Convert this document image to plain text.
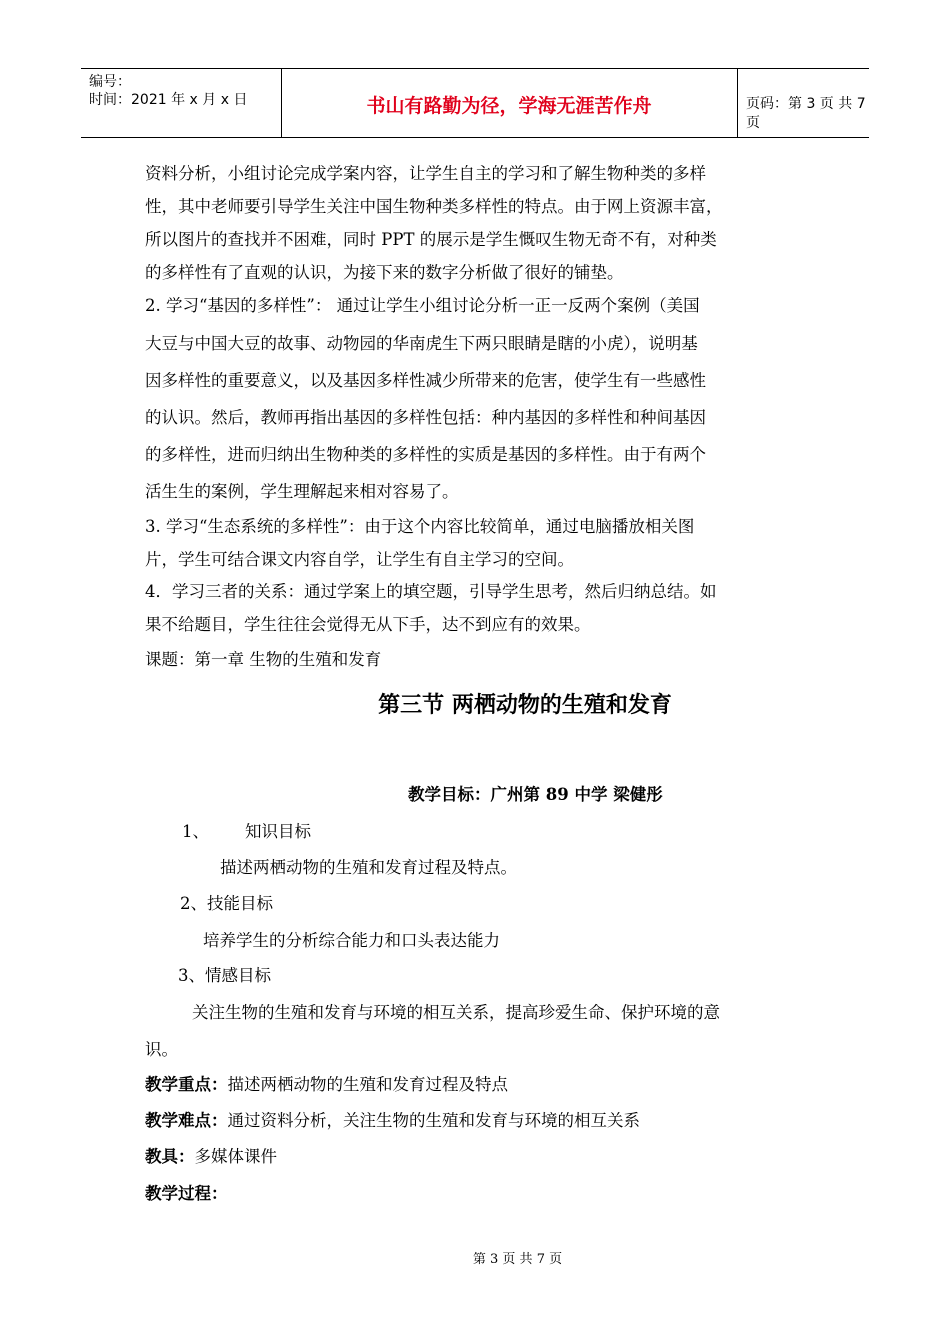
编号：
时间：2021 年 x 月 x 日	书山有路勤为径，学海无涯苦作舟	页码：第 3 页 共 7 页
资料分析，小组讨论完成学案内容，让学生自主的学习和了解生物种类的多样
性，其中老师要引导学生关注中国生物种类多样性的特点。由于网上资源丰富，
所以图片的查找并不困难，同时 PPT 的展示是学生慨叹生物无奇不有，对种类
的多样性有了直观的认识，为接下来的数字分析做了很好的铺垫。
2. 学习“基因的多样性”： 通过让学生小组讨论分析一正一反两个案例（美国
大豆与中国大豆的故事、动物园的华南虎生下两只眼睛是瞎的小虎），说明基
因多样性的重要意义，以及基因多样性减少所带来的危害，使学生有一些感性
的认识。然后，教师再指出基因的多样性包括：种内基因的多样性和种间基因
的多样性，进而归纳出生物种类的多样性的实质是基因的多样性。由于有两个
活生生的案例，学生理解起来相对容易了。
3. 学习“生态系统的多样性”：由于这个内容比较简单，通过电脑播放相关图
片，学生可结合课文内容自学，让学生有自主学习的空间。
4．学习三者的关系：通过学案上的填空题，引导学生思考，然后归纳总结。如
果不给题目，学生往往会觉得无从下手，达不到应有的效果。
课题：第一章 生物的生殖和发育
第三节 两栖动物的生殖和发育
教学目标：广州第 89 中学 梁健彤
1、 知识目标
描述两栖动物的生殖和发育过程及特点。
2、技能目标
培养学生的分析综合能力和口头表达能力
3、情感目标
关注生物的生殖和发育与环境的相互关系，提高珍爱生命、保护环境的意
识。
教学重点：描述两栖动物的生殖和发育过程及特点
教学难点：通过资料分析，关注生物的生殖和发育与环境的相互关系
教具：多媒体课件
教学过程：
第 3 页 共 7 页
